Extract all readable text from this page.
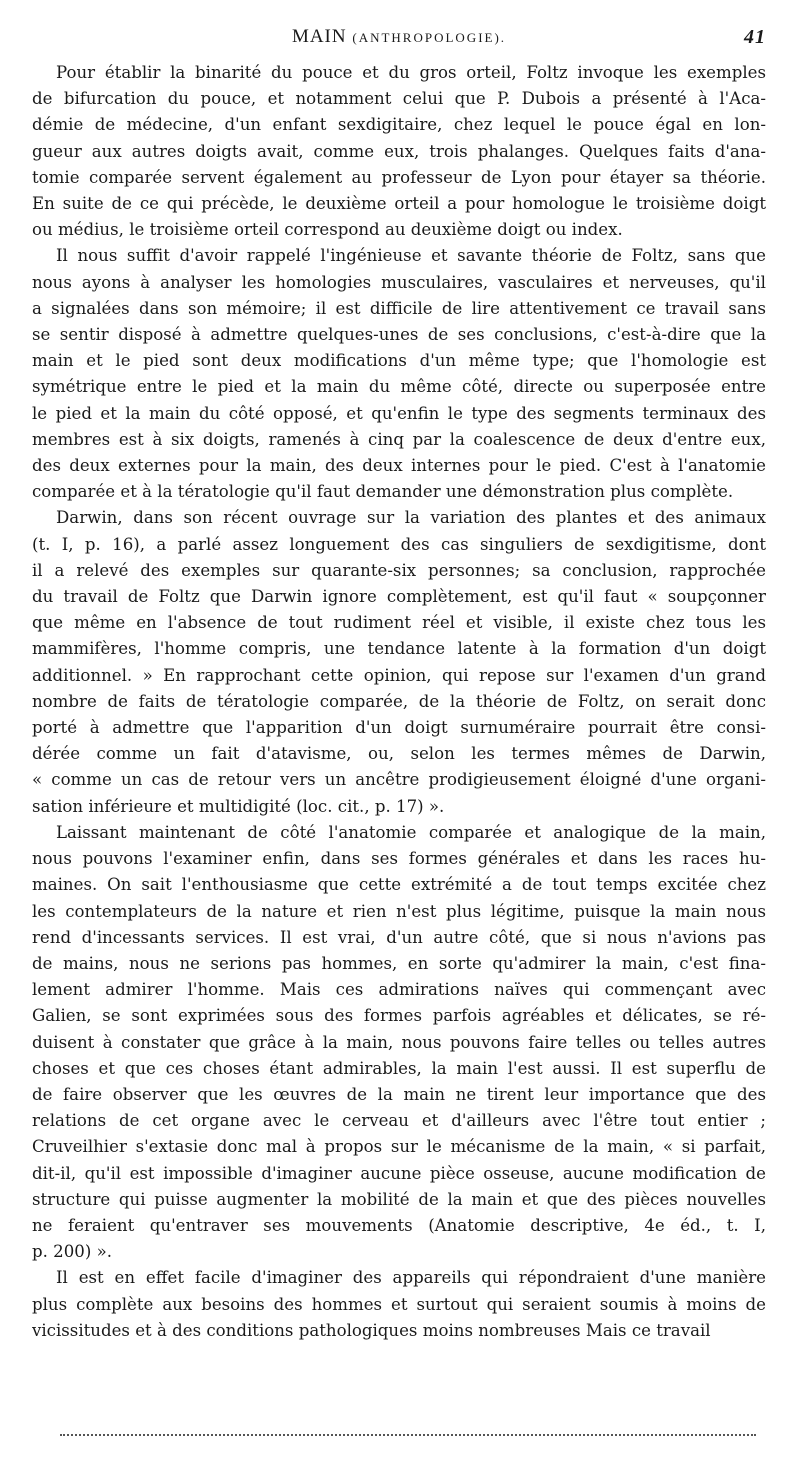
MAIN (ANTHROPOLOGIE).	41
Pour établir la binarité du pouce et du gros orteil, Foltz invoque les exemples
de bifurcation du pouce, et notamment celui que P. Dubois a présenté à l'Aca-
démie de médecine, d'un enfant sexdigitaire, chez lequel le pouce égal en lon-
gueur aux autres doigts avait, comme eux, trois phalanges. Quelques faits d'ana-
tomie comparée servent également au professeur de Lyon pour étayer sa théorie.
En suite de ce qui précède, le deuxième orteil a pour homologue le troisième doigt
ou médius, le troisième orteil correspond au deuxième doigt ou index.
Il nous suffit d'avoir rappelé l'ingénieuse et savante théorie de Foltz, sans que
nous ayons à analyser les homologies musculaires, vasculaires et nerveuses, qu'il
a signalées dans son mémoire; il est difficile de lire attentivement ce travail sans
se sentir disposé à admettre quelques-unes de ses conclusions, c'est-à-dire que la
main et le pied sont deux modifications d'un même type; que l'homologie est
symétrique entre le pied et la main du même côté, directe ou superposée entre
le pied et la main du côté opposé, et qu'enfin le type des segments terminaux des
membres est à six doigts, ramenés à cinq par la coalescence de deux d'entre eux,
des deux externes pour la main, des deux internes pour le pied. C'est à l'anatomie
comparée et à la tératologie qu'il faut demander une démonstration plus complète.
Darwin, dans son récent ouvrage sur la variation des plantes et des animaux
(t. I, p. 16), a parlé assez longuement des cas singuliers de sexdigitisme, dont
il a relevé des exemples sur quarante-six personnes; sa conclusion, rapprochée
du travail de Foltz que Darwin ignore complètement, est qu'il faut « soupçonner
que même en l'absence de tout rudiment réel et visible, il existe chez tous les
mammifères, l'homme compris, une tendance latente à la formation d'un doigt
additionnel. » En rapprochant cette opinion, qui repose sur l'examen d'un grand
nombre de faits de tératologie comparée, de la théorie de Foltz, on serait donc
porté à admettre que l'apparition d'un doigt surnuméraire pourrait être consi-
dérée comme un fait d'atavisme, ou, selon les termes mêmes de Darwin,
« comme un cas de retour vers un ancêtre prodigieusement éloigné d'une organi-
sation inférieure et multidigité (loc. cit., p. 17) ».
Laissant maintenant de côté l'anatomie comparée et analogique de la main,
nous pouvons l'examiner enfin, dans ses formes générales et dans les races hu-
maines. On sait l'enthousiasme que cette extrémité a de tout temps excitée chez
les contemplateurs de la nature et rien n'est plus légitime, puisque la main nous
rend d'incessants services. Il est vrai, d'un autre côté, que si nous n'avions pas
de mains, nous ne serions pas hommes, en sorte qu'admirer la main, c'est fina-
lement admirer l'homme. Mais ces admirations naïves qui commençant avec
Galien, se sont exprimées sous des formes parfois agréables et délicates, se ré-
duisent à constater que grâce à la main, nous pouvons faire telles ou telles autres
choses et que ces choses étant admirables, la main l'est aussi. Il est superflu de
de faire observer que les œuvres de la main ne tirent leur importance que des
relations de cet organe avec le cerveau et d'ailleurs avec l'être tout entier ;
Cruveilhier s'extasie donc mal à propos sur le mécanisme de la main, « si parfait,
dit-il, qu'il est impossible d'imaginer aucune pièce osseuse, aucune modification de
structure qui puisse augmenter la mobilité de la main et que des pièces nouvelles
ne feraient qu'entraver ses mouvements (Anatomie descriptive, 4e éd., t. I,
p. 200) ».
Il est en effet facile d'imaginer des appareils qui répondraient d'une manière
plus complète aux besoins des hommes et surtout qui seraient soumis à moins de
vicissitudes et à des conditions pathologiques moins nombreuses Mais ce travail
